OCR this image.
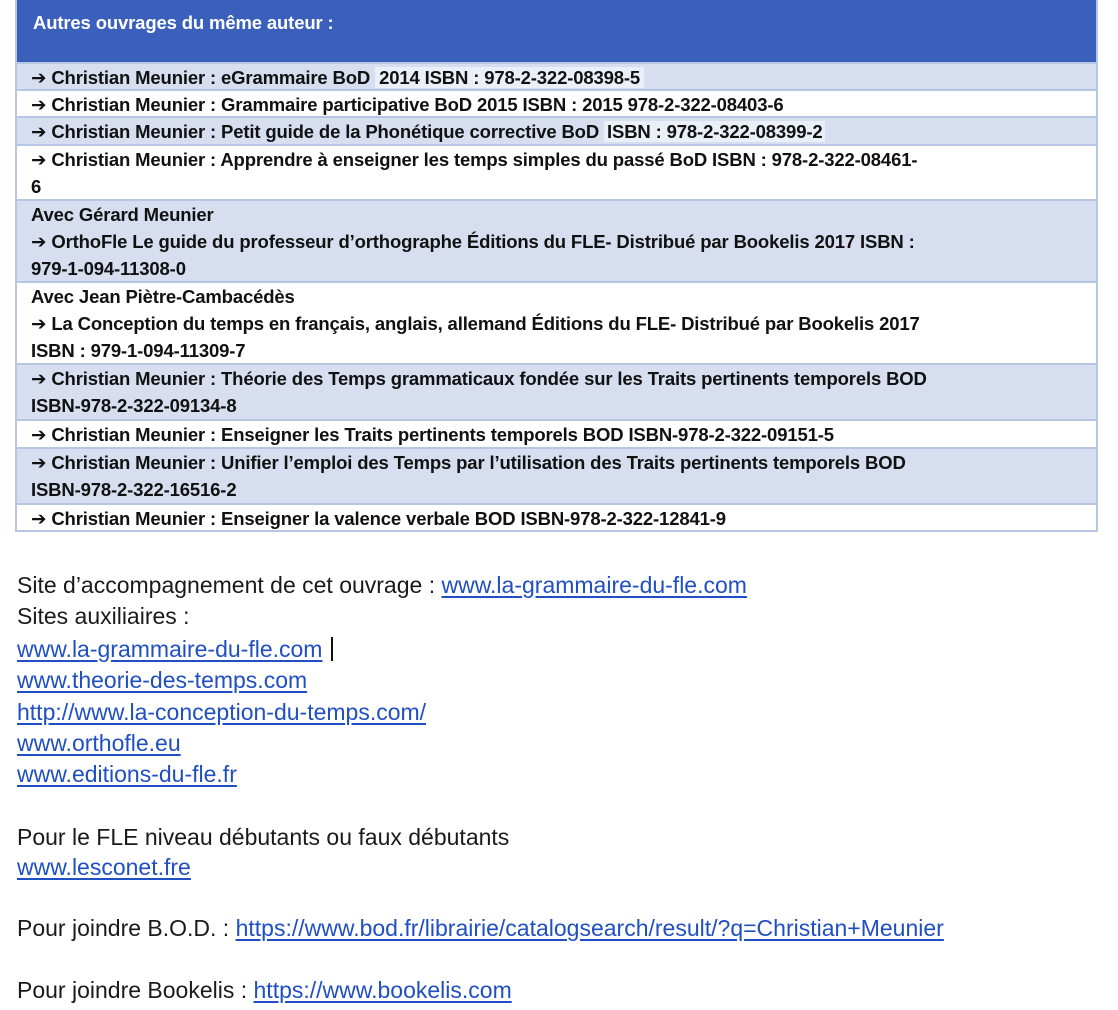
Autres ouvrages du même auteur :
➔ Christian Meunier : eGrammaire BoD 2014 ISBN : 978-2-322-08398-5
➔ Christian Meunier : Grammaire participative BoD 2015 ISBN : 2015 978-2-322-08403-6
➔ Christian Meunier : Petit guide de la Phonétique corrective BoD ISBN : 978-2-322-08399-2
➔ Christian Meunier : Apprendre à enseigner les temps simples du passé BoD ISBN : 978-2-322-08461-
6
Avec Gérard Meunier
➔ OrthoFle Le guide du professeur d’orthographe Éditions du FLE- Distribué par Bookelis 2017 ISBN :
979-1-094-11308-0
Avec Jean Piètre-Cambacédès
➔ La Conception du temps en français, anglais, allemand Éditions du FLE- Distribué par Bookelis 2017
ISBN : 979-1-094-11309-7
➔ Christian Meunier : Théorie des Temps grammaticaux fondée sur les Traits pertinents temporels BOD
ISBN-978-2-322-09134-8
➔ Christian Meunier : Enseigner les Traits pertinents temporels BOD ISBN-978-2-322-09151-5
➔ Christian Meunier : Unifier l’emploi des Temps par l’utilisation des Traits pertinents temporels BOD
ISBN-978-2-322-16516-2
➔ Christian Meunier : Enseigner la valence verbale BOD ISBN-978-2-322-12841-9
Site d’accompagnement de cet ouvrage : www.la-grammaire-du-fle.com
Sites auxiliaires :
www.la-grammaire-du-fle.com
www.theorie-des-temps.com
http://www.la-conception-du-temps.com/
www.orthofle.eu
www.editions-du-fle.fr
Pour le FLE niveau débutants ou faux débutants
www.lesconet.fre
Pour joindre B.O.D. : https://www.bod.fr/librairie/catalogsearch/result/?q=Christian+Meunier
Pour joindre Bookelis : https://www.bookelis.com
